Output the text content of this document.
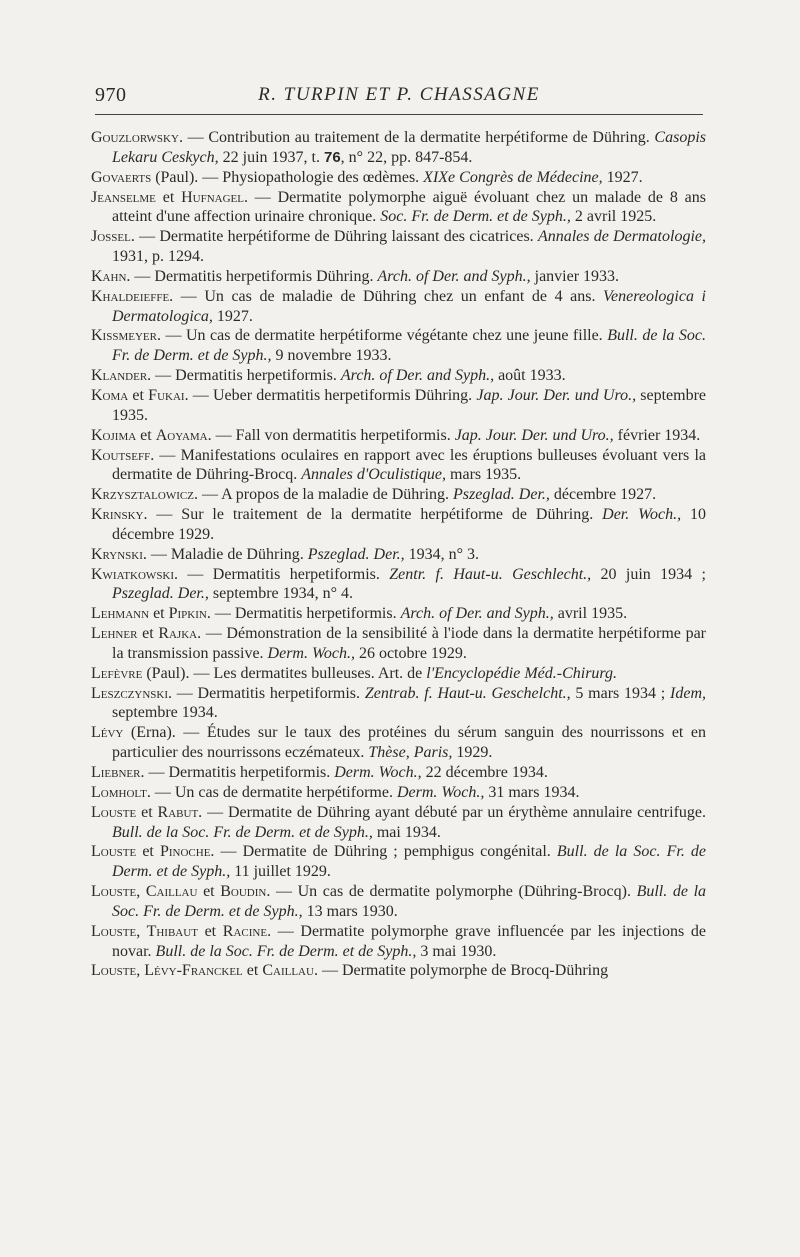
970	R. TURPIN ET P. CHASSAGNE
Gouzlorwsky. — Contribution au traitement de la dermatite herpétiforme de Dühring. Casopis Lekaru Ceskych, 22 juin 1937, t. 76, n° 22, pp. 847-854.
Govaerts (Paul). — Physiopathologie des œdèmes. XIXe Congrès de Médecine, 1927.
Jeanselme et Hufnagel. — Dermatite polymorphe aiguë évoluant chez un malade de 8 ans atteint d'une affection urinaire chronique. Soc. Fr. de Derm. et de Syph., 2 avril 1925.
Jossel. — Dermatite herpétiforme de Dühring laissant des cicatrices. Annales de Dermatologie, 1931, p. 1294.
Kahn. — Dermatitis herpetiformis Dühring. Arch. of Der. and Syph., janvier 1933.
Khaldeieffe. — Un cas de maladie de Dühring chez un enfant de 4 ans. Venereologica i Dermatologica, 1927.
Kissmeyer. — Un cas de dermatite herpétiforme végétante chez une jeune fille. Bull. de la Soc. Fr. de Derm. et de Syph., 9 novembre 1933.
Klander. — Dermatitis herpetiformis. Arch. of Der. and Syph., août 1933.
Koma et Fukai. — Ueber dermatitis herpetiformis Dühring. Jap. Jour. Der. und Uro., septembre 1935.
Kojima et Aoyama. — Fall von dermatitis herpetiformis. Jap. Jour. Der. und Uro., février 1934.
Koutseff. — Manifestations oculaires en rapport avec les éruptions bulleuses évoluant vers la dermatite de Dühring-Brocq. Annales d'Oculistique, mars 1935.
Krzysztalowicz. — A propos de la maladie de Dühring. Pszeglad. Der., décembre 1927.
Krinsky. — Sur le traitement de la dermatite herpétiforme de Dühring. Der. Woch., 10 décembre 1929.
Krynski. — Maladie de Dühring. Pszeglad. Der., 1934, n° 3.
Kwiatkowski. — Dermatitis herpetiformis. Zentr. f. Haut-u. Geschlecht., 20 juin 1934 ; Pszeglad. Der., septembre 1934, n° 4.
Lehmann et Pipkin. — Dermatitis herpetiformis. Arch. of Der. and Syph., avril 1935.
Lehner et Rajka. — Démonstration de la sensibilité à l'iode dans la dermatite herpétiforme par la transmission passive. Derm. Woch., 26 octobre 1929.
Lefèvre (Paul). — Les dermatites bulleuses. Art. de l'Encyclopédie Méd.-Chirurg.
Leszczynski. — Dermatitis herpetiformis. Zentrab. f. Haut-u. Geschelcht., 5 mars 1934 ; Idem, septembre 1934.
Lévy (Erna). — Études sur le taux des protéines du sérum sanguin des nourrissons et en particulier des nourrissons eczémateux. Thèse, Paris, 1929.
Liebner. — Dermatitis herpetiformis. Derm. Woch., 22 décembre 1934.
Lomholt. — Un cas de dermatite herpétiforme. Derm. Woch., 31 mars 1934.
Louste et Rabut. — Dermatite de Dühring ayant débuté par un érythème annulaire centrifuge. Bull. de la Soc. Fr. de Derm. et de Syph., mai 1934.
Louste et Pinoche. — Dermatite de Dühring ; pemphigus congénital. Bull. de la Soc. Fr. de Derm. et de Syph., 11 juillet 1929.
Louste, Caillau et Boudin. — Un cas de dermatite polymorphe (Dühring-Brocq). Bull. de la Soc. Fr. de Derm. et de Syph., 13 mars 1930.
Louste, Thibaut et Racine. — Dermatite polymorphe grave influencée par les injections de novar. Bull. de la Soc. Fr. de Derm. et de Syph., 3 mai 1930.
Louste, Lévy-Franckel et Caillau. — Dermatite polymorphe de Brocq-Dühring
